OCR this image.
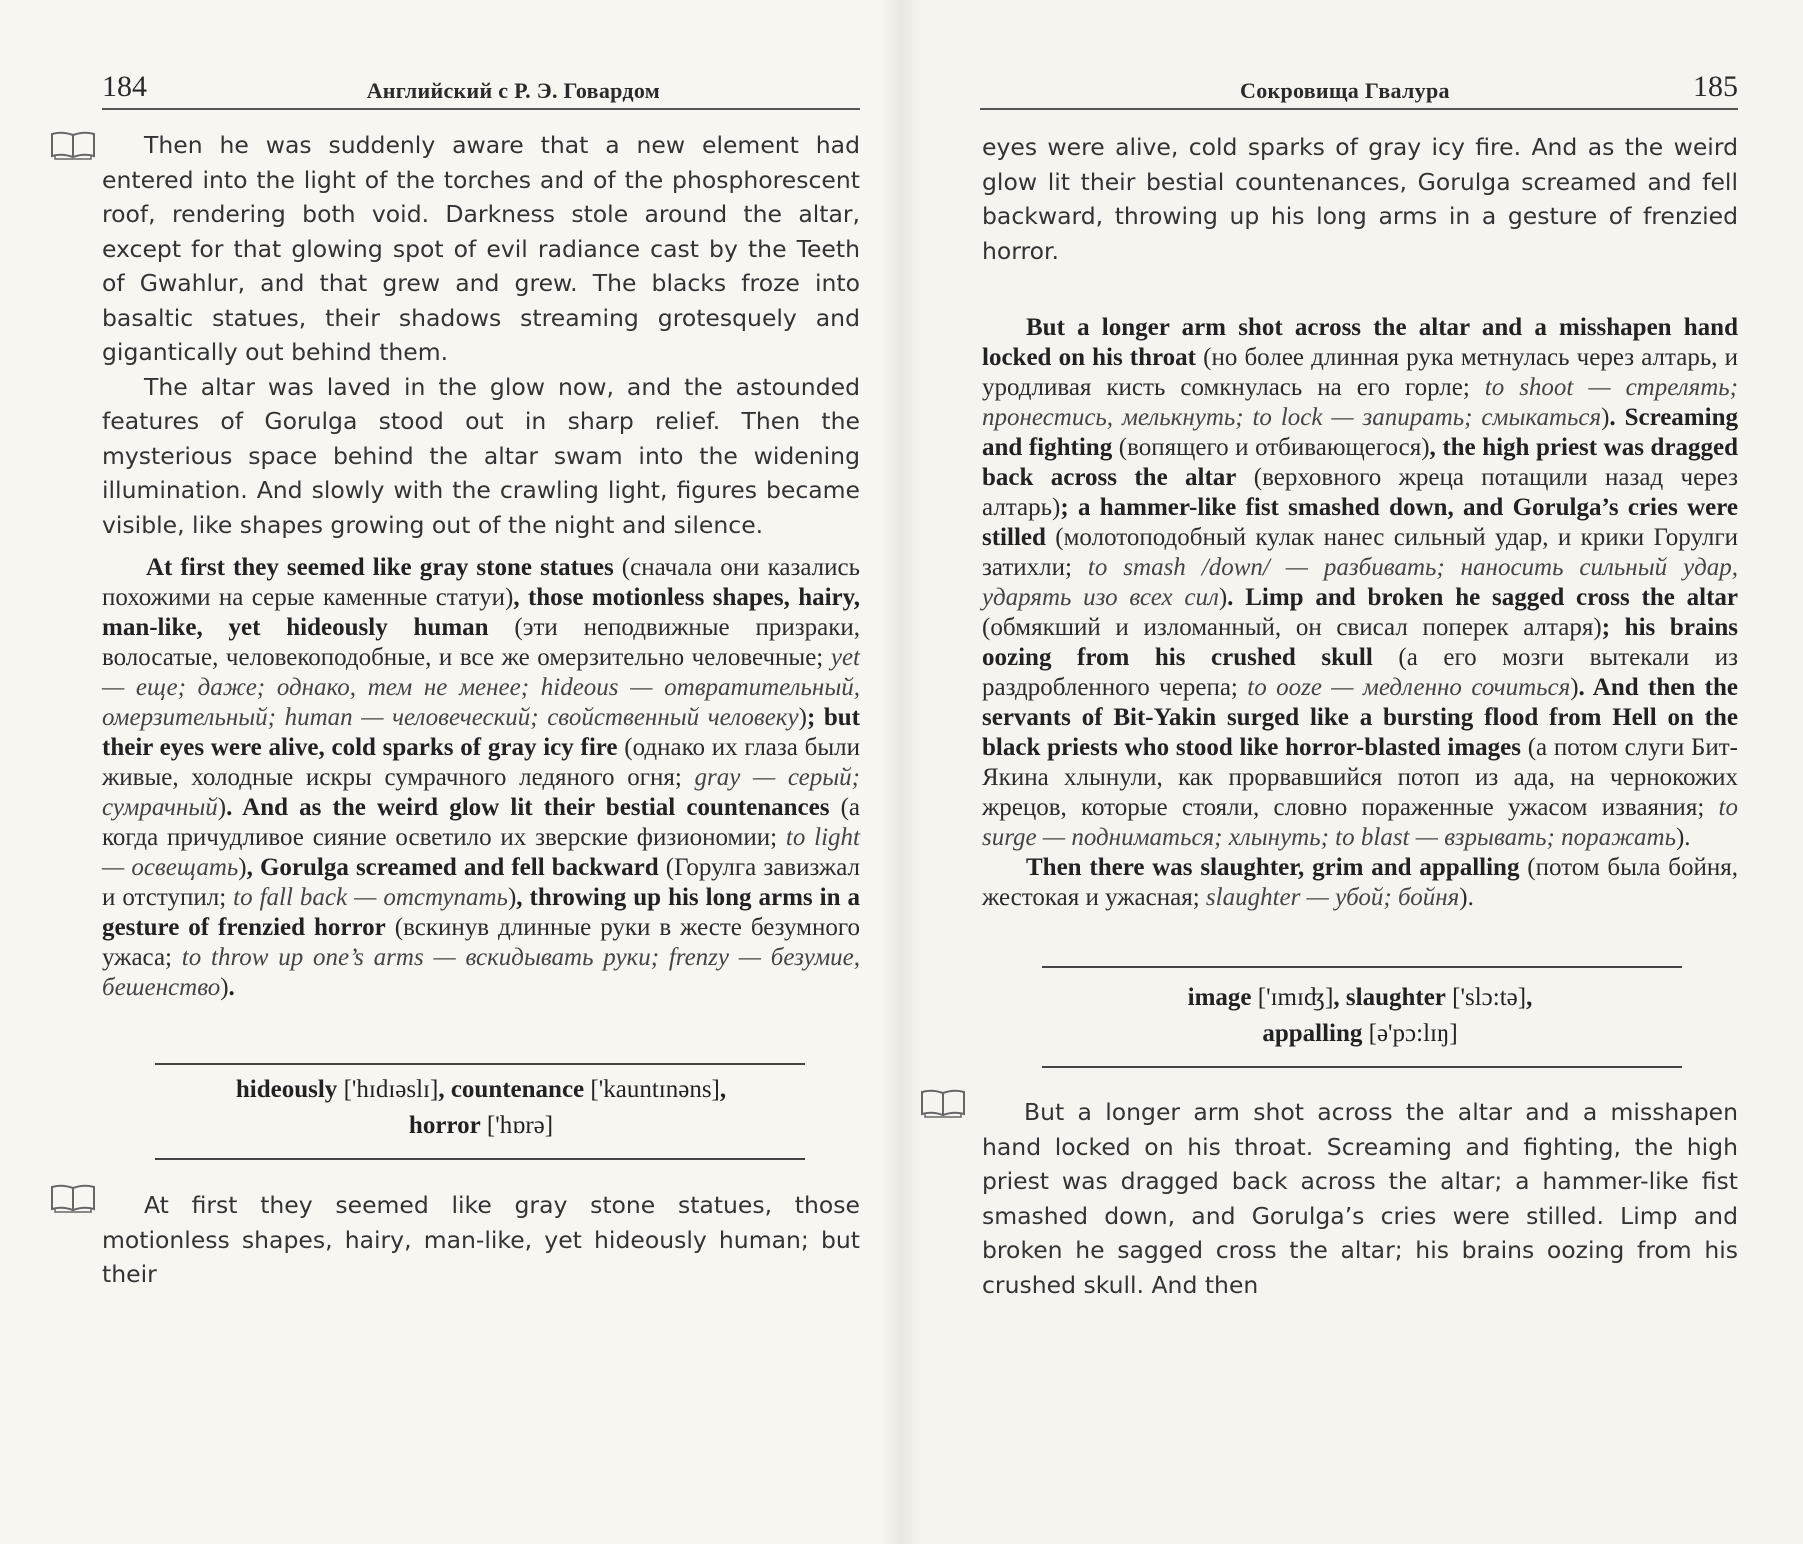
184	Английский с Р. Э. Говардом

Then he was suddenly aware that a new element had entered into the light of the torches and of the phosphorescent roof, rendering both void. Darkness stole around the altar, except for that glowing spot of evil radiance cast by the Teeth of Gwahlur, and that grew and grew. The blacks froze into basaltic statues, their shadows streaming grotesquely and gigantically out behind them.

The altar was laved in the glow now, and the astounded features of Gorulga stood out in sharp relief. Then the mysterious space behind the altar swam into the widening illumination. And slowly with the crawling light, figures became visible, like shapes growing out of the night and silence.

At first they seemed like gray stone statues (сначала они казались похожими на серые каменные статуи), those motionless shapes, hairy, man-like, yet hideously human (эти неподвижные призраки, волосатые, человекоподобные, и все же омерзительно человечные; yet — еще; даже; однако, тем не менее; hideous — отвратительный, омерзительный; human — человеческий; свойственный человеку); but their eyes were alive, cold sparks of gray icy fire (однако их глаза были живые, холодные искры сумрачного ледяного огня; gray — серый; сумрачный). And as the weird glow lit their bestial countenances (а когда причудливое сияние осветило их зверские физиономии; to light — освещать), Gorulga screamed and fell backward (Горулга завизжал и отступил; to fall back — отступать), throwing up his long arms in a gesture of frenzied horror (вскинув длинные руки в жесте безумного ужаса; to throw up one’s arms — вскидывать руки; frenzy — безумие, бешенство).

hideously ['hɪdɪəslɪ], countenance ['kauntɪnəns],
horror ['hɒrə]

At first they seemed like gray stone statues, those motionless shapes, hairy, man-like, yet hideously human; but their

Сокровища Гвалура	185

eyes were alive, cold sparks of gray icy fire. And as the weird glow lit their bestial countenances, Gorulga screamed and fell backward, throwing up his long arms in a gesture of frenzied horror.

But a longer arm shot across the altar and a misshapen hand locked on his throat (но более длинная рука метнулась через алтарь, и уродливая кисть сомкнулась на его горле; to shoot — стрелять; пронестись, мелькнуть; to lock — запирать; смыкаться). Screaming and fighting (вопящего и отбивающегося), the high priest was dragged back across the altar (верховного жреца потащили назад через алтарь); a hammer-like fist smashed down, and Gorulga’s cries were stilled (молотоподобный кулак нанес сильный удар, и крики Горулги затихли; to smash /down/ — разбивать; наносить сильный удар, ударять изо всех сил). Limp and broken he sagged cross the altar (обмякший и изломанный, он свисал поперек алтаря); his brains oozing from his crushed skull (а его мозги вытекали из раздробленного черепа; to ooze — медленно сочиться). And then the servants of Bit-Yakin surged like a bursting flood from Hell on the black priests who stood like horror-blasted images (а потом слуги Бит-Якина хлынули, как прорвавшийся потоп из ада, на чернокожих жрецов, которые стояли, словно пораженные ужасом изваяния; to surge — подниматься; хлынуть; to blast — взрывать; поражать).

Then there was slaughter, grim and appalling (потом была бойня, жестокая и ужасная; slaughter — убой; бойня).

image ['ɪmɪʤ], slaughter ['slɔ:tə],
appalling [ə'pɔ:lɪŋ]

But a longer arm shot across the altar and a misshapen hand locked on his throat. Screaming and fighting, the high priest was dragged back across the altar; a hammer-like fist smashed down, and Gorulga’s cries were stilled. Limp and broken he sagged cross the altar; his brains oozing from his crushed skull. And then
